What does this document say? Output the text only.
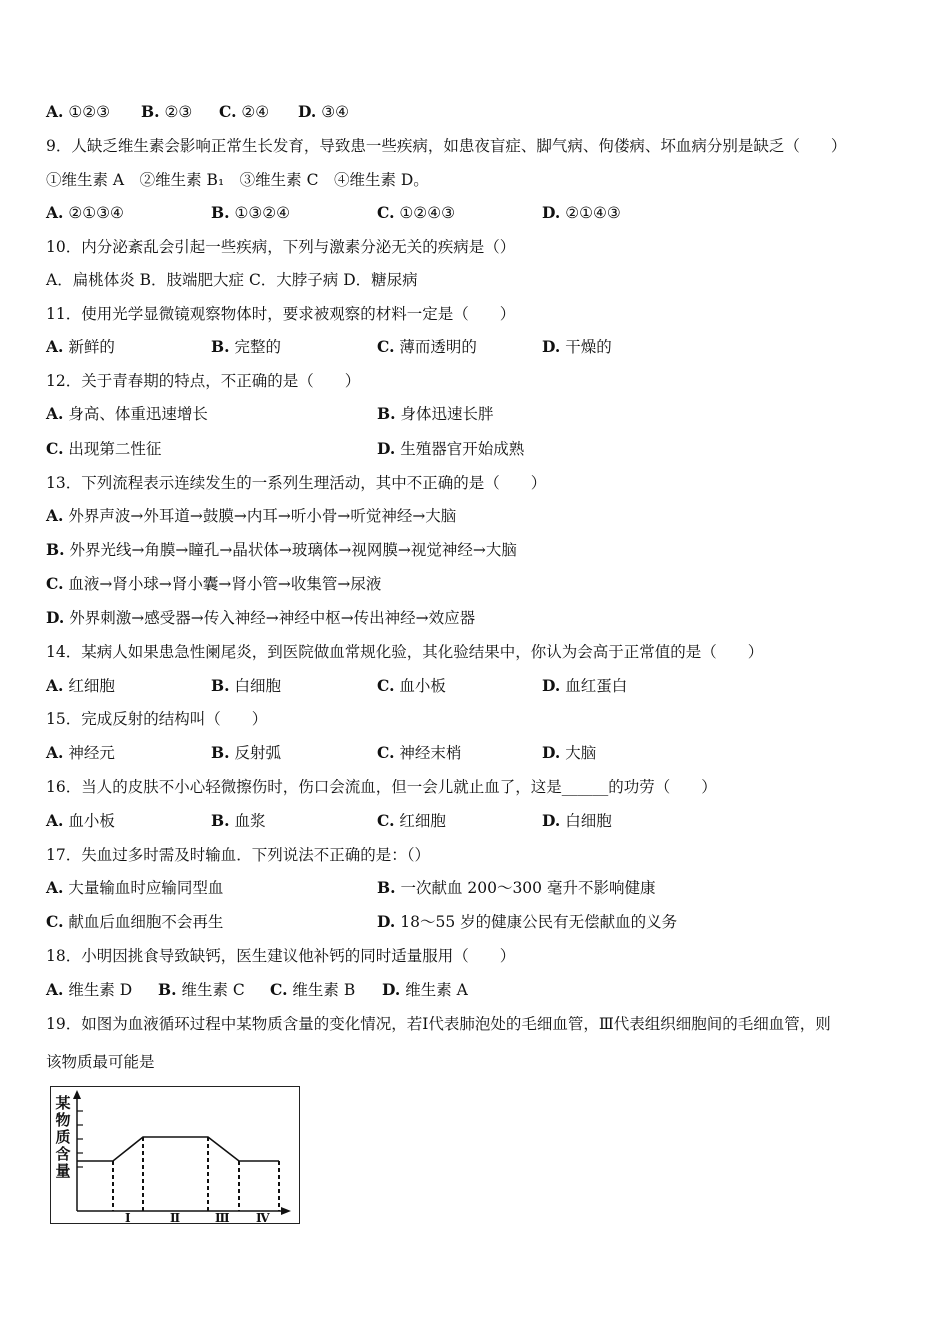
A. ①②③ B. ②③ C. ②④ D. ③④
9．人缺乏维生素会影响正常生长发育，导致患一些疾病，如患夜盲症、脚气病、佝偻病、坏血病分别是缺乏（　　）
①维生素 A　②维生素 B₁　③维生素 C　④维生素 D。
A. ②①③④	B. ①③②④	C. ①②④③	D. ②①④③
10．内分泌紊乱会引起一些疾病，下列与激素分泌无关的疾病是（）
A．扁桃体炎 B．肢端肥大症 C．大脖子病 D．糖尿病
11．使用光学显微镜观察物体时，要求被观察的材料一定是（　　）
A. 新鲜的	B. 完整的	C. 薄而透明的	D. 干燥的
12．关于青春期的特点，不正确的是（　　）
A. 身高、体重迅速增长	B. 身体迅速长胖
C. 出现第二性征	D. 生殖器官开始成熟
13．下列流程表示连续发生的一系列生理活动，其中不正确的是（　　）
A. 外界声波→外耳道→鼓膜→内耳→听小骨→听觉神经→大脑
B. 外界光线→角膜→瞳孔→晶状体→玻璃体→视网膜→视觉神经→大脑
C. 血液→肾小球→肾小囊→肾小管→收集管→尿液
D. 外界刺激→感受器→传入神经→神经中枢→传出神经→效应器
14．某病人如果患急性阑尾炎，到医院做血常规化验，其化验结果中，你认为会高于正常值的是（　　）
A. 红细胞	B. 白细胞	C. 血小板	D. 血红蛋白
15．完成反射的结构叫（　　）
A. 神经元	B. 反射弧	C. 神经末梢	D. 大脑
16．当人的皮肤不小心轻微擦伤时，伤口会流血，但一会儿就止血了，这是______的功劳（　　）
A. 血小板	B. 血浆	C. 红细胞	D. 白细胞
17．失血过多时需及时输血．下列说法不正确的是：（）
A. 大量输血时应输同型血	B. 一次献血 200～300 毫升不影响健康
C. 献血后血细胞不会再生	D. 18～55 岁的健康公民有无偿献血的义务
18．小明因挑食导致缺钙，医生建议他补钙的同时适量服用（　　）
A. 维生素 D B. 维生素 C C. 维生素 B D. 维生素 A
19．如图为血液循环过程中某物质含量的变化情况，若Ⅰ代表肺泡处的毛细血管，Ⅲ代表组织细胞间的毛细血管，则
该物质最可能是
某物质含量
Ⅰ	Ⅱ	Ⅲ Ⅳ
